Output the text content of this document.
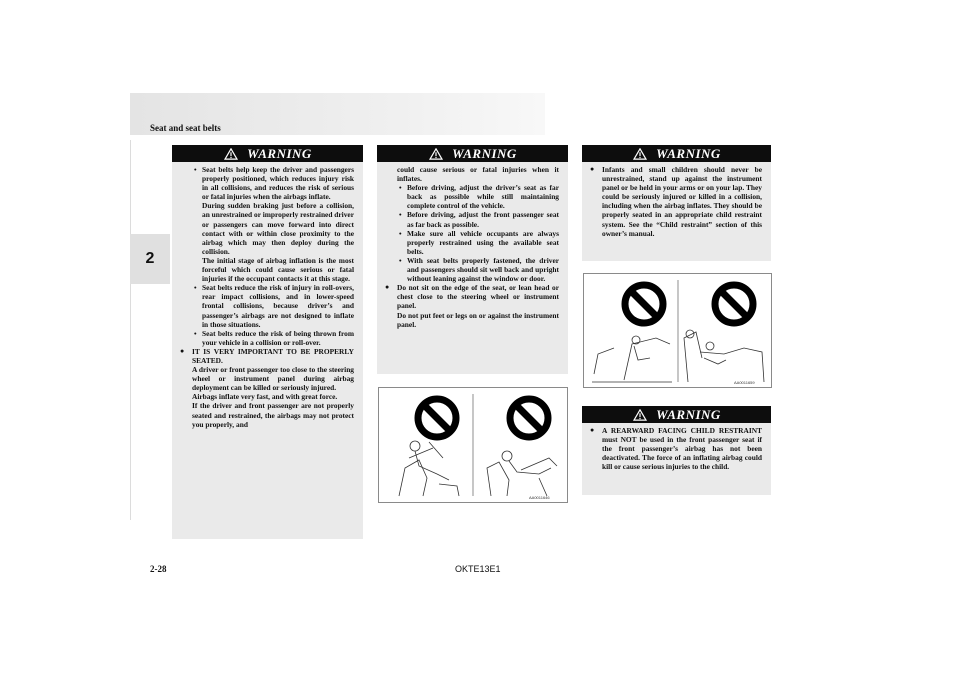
Seat and seat belts
2
WARNING
• Seat belts help keep the driver and passengers properly positioned, which reduces injury risk in all collisions, and reduces the risk of serious or fatal injuries when the airbags inflate.
During sudden braking just before a collision, an unrestrained or improperly restrained driver or passengers can move forward into direct contact with or within close proximity to the airbag which may then deploy during the collision.
The initial stage of airbag inflation is the most forceful which could cause serious or fatal injuries if the occupant contacts it at this stage.
• Seat belts reduce the risk of injury in roll-overs, rear impact collisions, and in lower-speed frontal collisions, because driver’s and passenger’s airbags are not designed to inflate in those situations.
• Seat belts reduce the risk of being thrown from your vehicle in a collision or roll-over.
● IT IS VERY IMPORTANT TO BE PROPERLY SEATED.
A driver or front passenger too close to the steering wheel or instrument panel during airbag deployment can be killed or seriously injured.
Airbags inflate very fast, and with great force.
If the driver and front passenger are not properly seated and restrained, the airbags may not protect you properly, and
WARNING
could cause serious or fatal injuries when it inflates.
• Before driving, adjust the driver’s seat as far back as possible while still maintaining complete control of the vehicle.
• Before driving, adjust the front passenger seat as far back as possible.
• Make sure all vehicle occupants are always properly restrained using the available seat belts.
• With seat belts properly fastened, the driver and passengers should sit well back and upright without leaning against the window or door.
● Do not sit on the edge of the seat, or lean head or chest close to the steering wheel or instrument panel.
Do not put feet or legs on or against the instrument panel.
AA0011646
WARNING
● Infants and small children should never be unrestrained, stand up against the instrument panel or be held in your arms or on your lap. They could be seriously injured or killed in a collision, including when the airbag inflates. They should be properly seated in an appropriate child restraint system. See the “Child restraint” section of this owner’s manual.
AA0011659
WARNING
● A REARWARD FACING CHILD RESTRAINT must NOT be used in the front passenger seat if the front passenger’s airbag has not been deactivated. The force of an inflating airbag could kill or cause serious injuries to the child.
2-28	OKTE13E1
